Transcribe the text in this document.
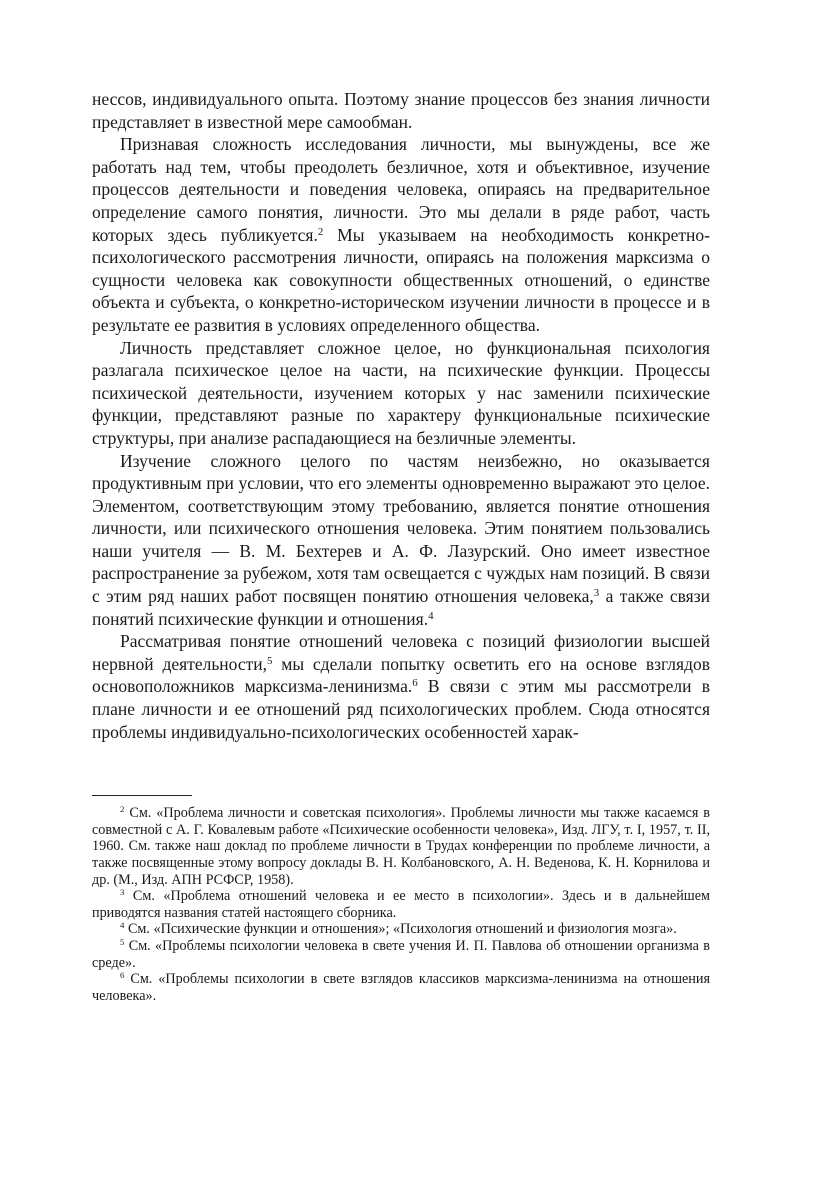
нессов, индивидуального опыта. Поэтому знание процессов без знания личности представляет в известной мере самообман.

Признавая сложность исследования личности, мы вынуждены, все же работать над тем, чтобы преодолеть безличное, хотя и объективное, изучение процессов деятельности и поведения человека, опираясь на предварительное определение самого понятия, личности. Это мы делали в ряде работ, часть которых здесь публикуется.$^2$ Мы указываем на необходимость конкретно-психологического рассмотрения личности, опираясь на положения марксизма о сущности человека как совокупности общественных отношений, о единстве объекта и субъекта, о конкретно-историческом изучении личности в процессе и в результате ее развития в условиях определенного общества.

Личность представляет сложное целое, но функциональная психология разлагала психическое целое на части, на психические функции. Процессы психической деятельности, изучением которых у нас заменили психические функции, представляют разные по характеру функциональные психические структуры, при анализе распадающиеся на безличные элементы.

Изучение сложного целого по частям неизбежно, но оказывается продуктивным при условии, что его элементы одновременно выражают это целое. Элементом, соответствующим этому требованию, является понятие отношения личности, или психического отношения человека. Этим понятием пользовались наши учителя — В. М. Бехтерев и А. Ф. Лазурский. Оно имеет известное распространение за рубежом, хотя там освещается с чуждых нам позиций. В связи с этим ряд наших работ посвящен понятию отношения человека,$^3$ а также связи понятий психические функции и отношения.$^4$

Рассматривая понятие отношений человека с позиций физиологии высшей нервной деятельности,$^5$ мы сделали попытку осветить его на основе взглядов основоположников марксизма-ленинизма.$^6$ В связи с этим мы рассмотрели в плане личности и ее отношений ряд психологических проблем. Сюда относятся проблемы индивидуально-психологических особенностей харак-

$^2$ См. «Проблема личности и советская психология». Проблемы личности мы также касаемся в совместной с А. Г. Ковалевым работе «Психические особенности человека», Изд. ЛГУ, т. I, 1957, т. II, 1960. См. также наш доклад по проблеме личности в Трудах конференции по проблеме личности, а также посвященные этому вопросу доклады В. Н. Колбановского, А. Н. Веденова, К. Н. Корнилова и др. (М., Изд. АПН РСФСР, 1958).

$^3$ См. «Проблема отношений человека и ее место в психологии». Здесь и в дальнейшем приводятся названия статей настоящего сборника.

$^4$ См. «Психические функции и отношения»; «Психология отношений и физиология мозга».

$^5$ См. «Проблемы психологии человека в свете учения И. П. Павлова об отношении организма в среде».

$^6$ См. «Проблемы психологии в свете взглядов классиков марксизма-ленинизма на отношения человека».
